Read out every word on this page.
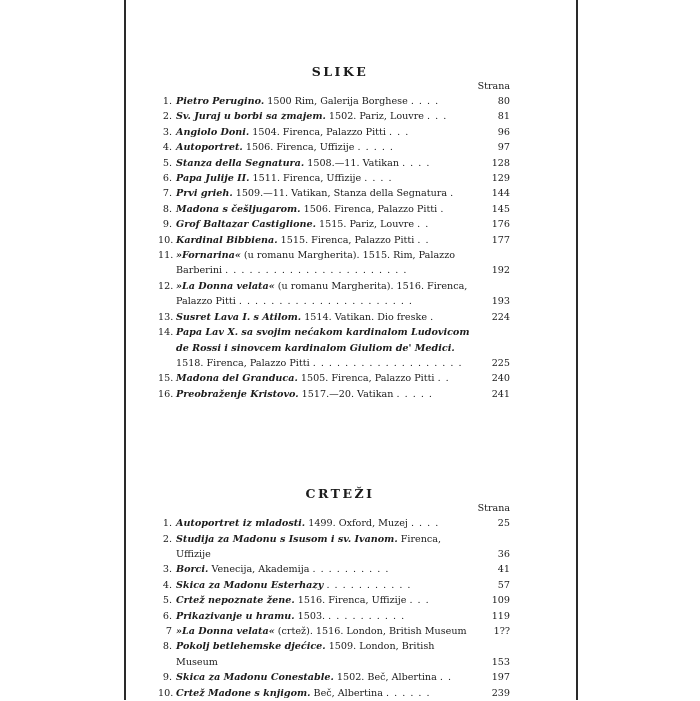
SLIKE
Strana
1. Pietro Perugino. 1500 Rim, Galerija Borghese . . . .	80
2. Sv. Juraj u borbi sa zmajem. 1502. Pariz, Louvre . . .	81
3. Angiolo Doni. 1504. Firenca, Palazzo Pitti . . .	96
4. Autoportret. 1506. Firenca, Uffizije . . . . .	97
5. Stanza della Segnatura. 1508.—11. Vatikan . . . .	128
6. Papa Julije II. 1511. Firenca, Uffizije . . . .	129
7. Prvi grieh. 1509.—11. Vatikan, Stanza della Segnatura .	144
8. Madona s češljugarom. 1506. Firenca, Palazzo Pitti .	145
9. Grof Baltazar Castiglione. 1515. Pariz, Louvre . .	176
10. Kardinal Bibbiena. 1515. Firenca, Palazzo Pitti . .	177
11. »Fornarina« (u romanu Margherita). 1515. Rim, Palazzo Barberini . . . . . . . . . . . . . . . . . . . . . . .	192
12. »La Donna velata« (u romanu Margherita). 1516. Firenca, Palazzo Pitti . . . . . . . . . . . . . . . . . . . . . .	193
13. Susret Lava I. s Atilom. 1514. Vatikan. Dio freske .	224
14. Papa Lav X. sa svojim nećakom kardinalom Ludovicom de Rossi i sinovcem kardinalom Giuliom de' Medici. 1518. Firenca, Palazzo Pitti . . . . . . . . . . . . . . . . . . .	225
15. Madona del Granduca. 1505. Firenca, Palazzo Pitti . .	240
16. Preobraženje Kristovo. 1517.—20. Vatikan . . . . .	241
CRTEŽI
Strana
1. Autoportret iz mladosti. 1499. Oxford, Muzej . . . .	25
2. Studija za Madonu s Isusom i sv. Ivanom. Firenca, Uffizije	36
3. Borci. Venecija, Akademija . . . . . . . . . .	41
4. Skica za Madonu Esterhazy . . . . . . . . . . .	57
5. Crtež nepoznate žene. 1516. Firenca, Uffizije . . .	109
6. Prikazivanje u hramu. 1503. . . . . . . . . . .	119
7 »La Donna velata« (crtež). 1516. London, British Museum	1??
8. Pokolj betlehemske djećice. 1509. London, British Museum	153
9. Skica za Madonu Conestable. 1502. Beč, Albertina . .	197
10. Crtež Madone s knjigom. Beč, Albertina . . . . . .	239
